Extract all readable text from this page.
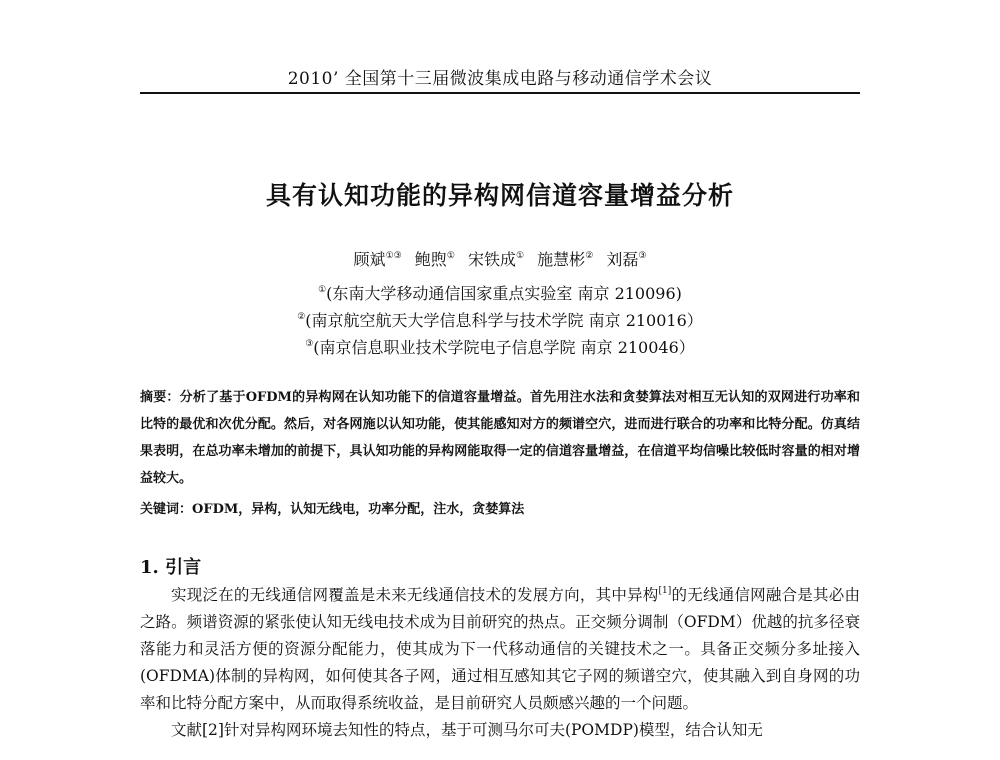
2010’ 全国第十三届微波集成电路与移动通信学术会议
具有认知功能的异构网信道容量增益分析
顾斌①③ 鲍煦① 宋铁成① 施慧彬② 刘磊③
①(东南大学移动通信国家重点实验室 南京 210096)
②(南京航空航天大学信息科学与技术学院 南京 210016）
③(南京信息职业技术学院电子信息学院 南京 210046）
摘要：分析了基于OFDM的异构网在认知功能下的信道容量增益。首先用注水法和贪婪算法对相互无认知的双网进行功率和比特的最优和次优分配。然后，对各网施以认知功能，使其能感知对方的频谱空穴，进而进行联合的功率和比特分配。仿真结果表明，在总功率未增加的前提下，具认知功能的异构网能取得一定的信道容量增益，在信道平均信噪比较低时容量的相对增益较大。
关键词：OFDM，异构，认知无线电，功率分配，注水，贪婪算法
1. 引言

实现泛在的无线通信网覆盖是未来无线通信技术的发展方向，其中异构[1]的无线通信网融合是其必由之路。频谱资源的紧张使认知无线电技术成为目前研究的热点。正交频分调制（OFDM）优越的抗多径衰落能力和灵活方便的资源分配能力，使其成为下一代移动通信的关键技术之一。具备正交频分多址接入(OFDMA)体制的异构网，如何使其各子网，通过相互感知其它子网的频谱空穴，使其融入到自身网的功率和比特分配方案中，从而取得系统收益，是目前研究人员颇感兴趣的一个问题。

文献[2]针对异构网环境去知性的特点，基于可测马尔可夫(POMDP)模型，结合认知无
